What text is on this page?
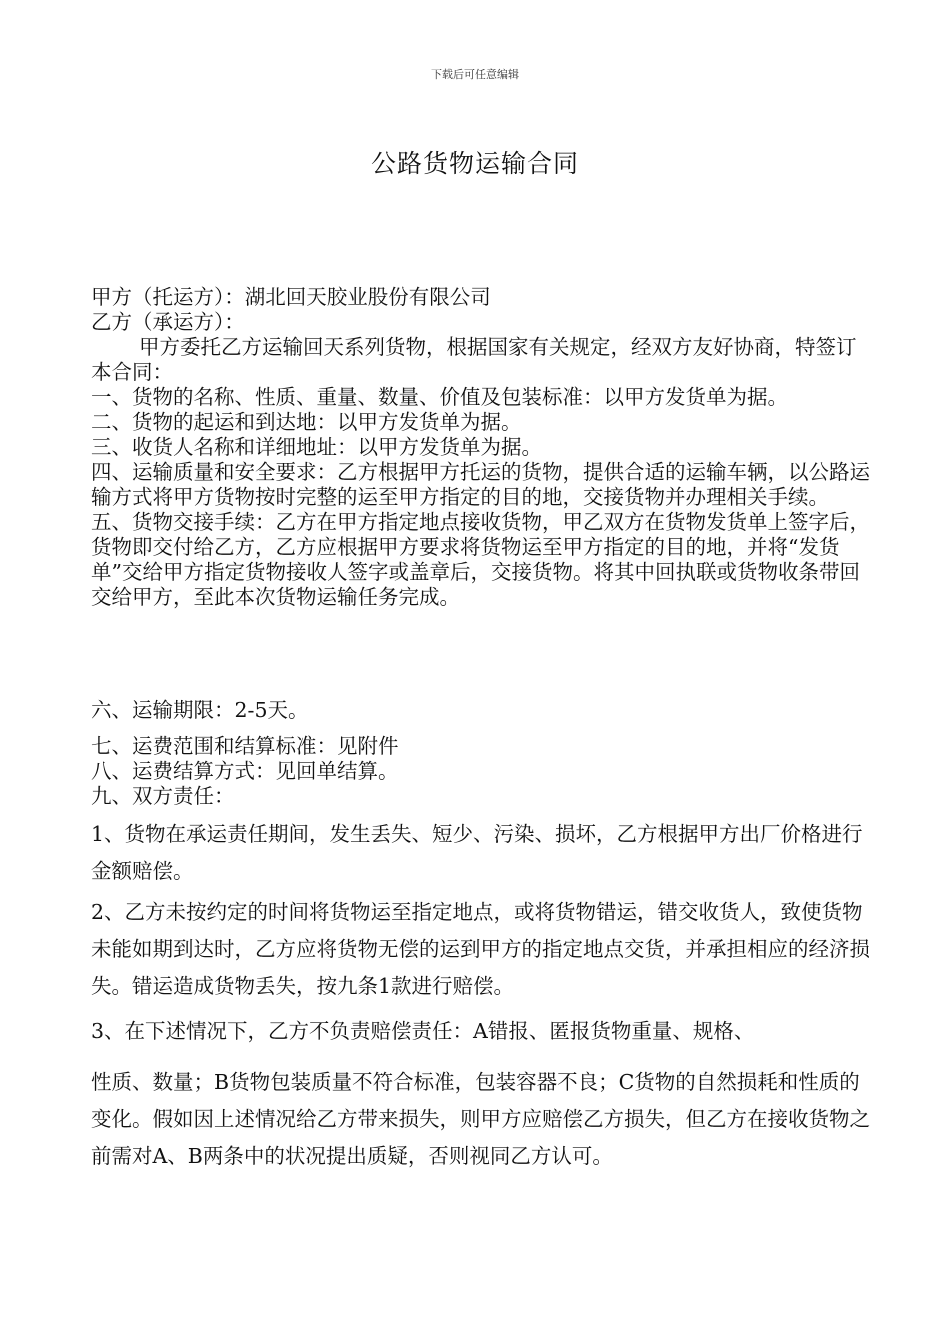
下载后可任意编辑
公路货物运输合同

甲方（托运方）：湖北回天胶业股份有限公司

乙方（承运方）：

甲方委托乙方运输回天系列货物，根据国家有关规定，经双方友好协商，特签订本合同：

一、货物的名称、性质、重量、数量、价值及包装标准：以甲方发货单为据。

二、货物的起运和到达地：以甲方发货单为据。

三、收货人名称和详细地址：以甲方发货单为据。

四、运输质量和安全要求：乙方根据甲方托运的货物，提供合适的运输车辆，以公路运输方式将甲方货物按时完整的运至甲方指定的目的地，交接货物并办理相关手续。

五、货物交接手续：乙方在甲方指定地点接收货物，甲乙双方在货物发货单上签字后，货物即交付给乙方，乙方应根据甲方要求将货物运至甲方指定的目的地，并将“发货单”交给甲方指定货物接收人签字或盖章后，交接货物。将其中回执联或货物收条带回交给甲方，至此本次货物运输任务完成。

六、运输期限：2-5天。

七、运费范围和结算标准：见附件

八、运费结算方式：见回单结算。

九、双方责任：

1、货物在承运责任期间，发生丢失、短少、污染、损坏，乙方根据甲方出厂价格进行金额赔偿。

2、乙方未按约定的时间将货物运至指定地点，或将货物错运，错交收货人，致使货物未能如期到达时，乙方应将货物无偿的运到甲方的指定地点交货，并承担相应的经济损失。错运造成货物丢失，按九条1款进行赔偿。

3、在下述情况下，乙方不负责赔偿责任：A错报、匿报货物重量、规格、

性质、数量；B货物包装质量不符合标准，包装容器不良；C货物的自然损耗和性质的变化。假如因上述情况给乙方带来损失，则甲方应赔偿乙方损失，但乙方在接收货物之前需对A、B两条中的状况提出质疑，否则视同乙方认可。
